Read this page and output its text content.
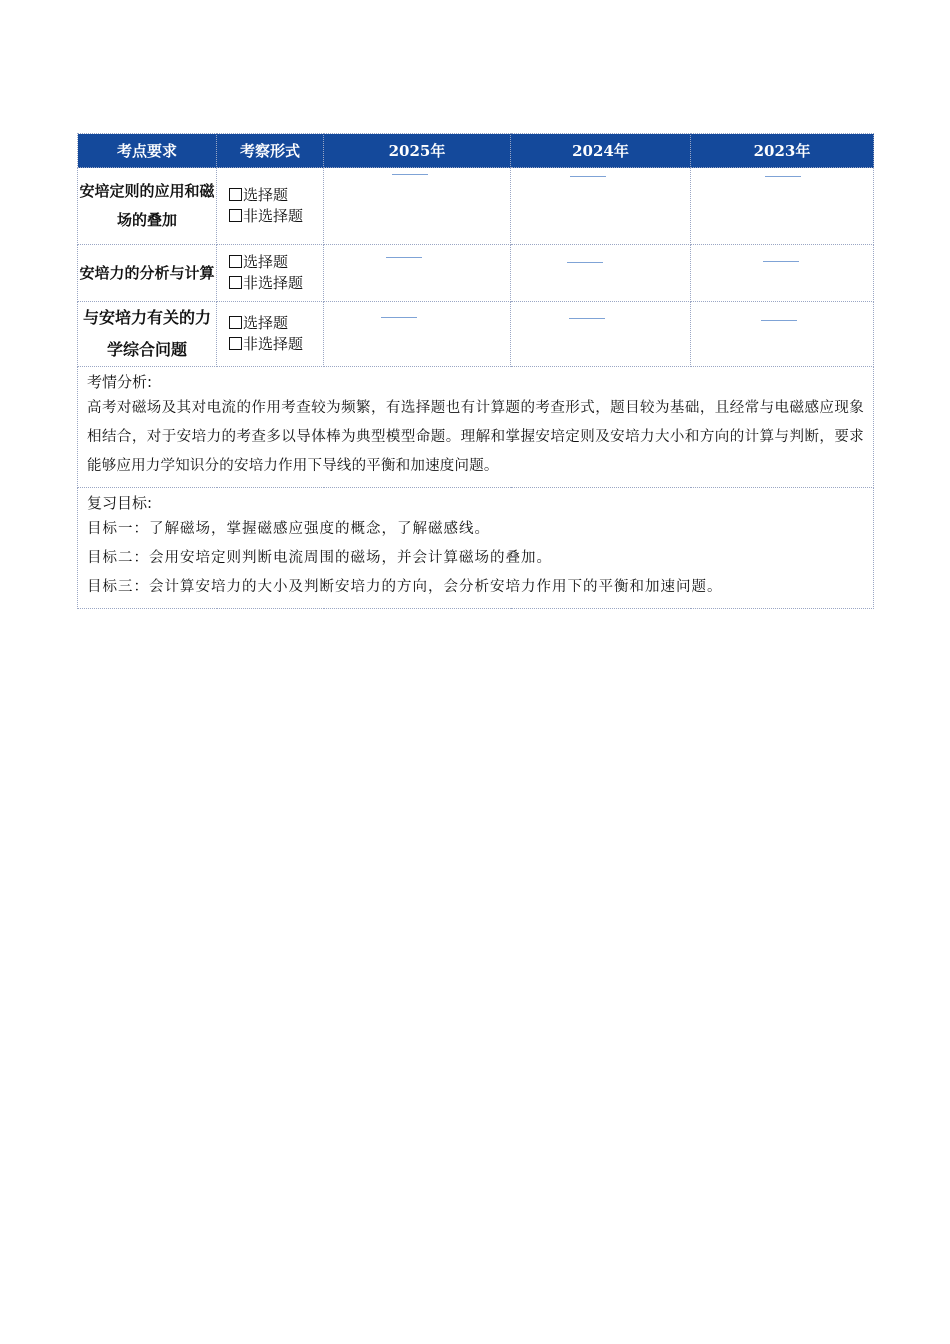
考点要求	考察形式	2025年	2024年	2023年
安培定则的应用和磁场的叠加	选择题
非选择题			

安培力的分析与计算	选择题
非选择题			

与安培力有关的力学综合问题	选择题
非选择题			

考情分析:
高考对磁场及其对电流的作用考查较为频繁，有选择题也有计算题的考查形式，题目较为基础，且经常与电磁感应现象相结合，对于安培力的考查多以导体棒为典型模型命题。理解和掌握安培定则及安培力大小和方向的计算与判断，要求能够应用力学知识分的安培力作用下导线的平衡和加速度问题。				

复习目标:
目标一：了解磁场，掌握磁感应强度的概念，了解磁感线。
目标二：会用安培定则判断电流周围的磁场，并会计算磁场的叠加。
目标三：会计算安培力的大小及判断安培力的方向，会分析安培力作用下的平衡和加速问题。				
